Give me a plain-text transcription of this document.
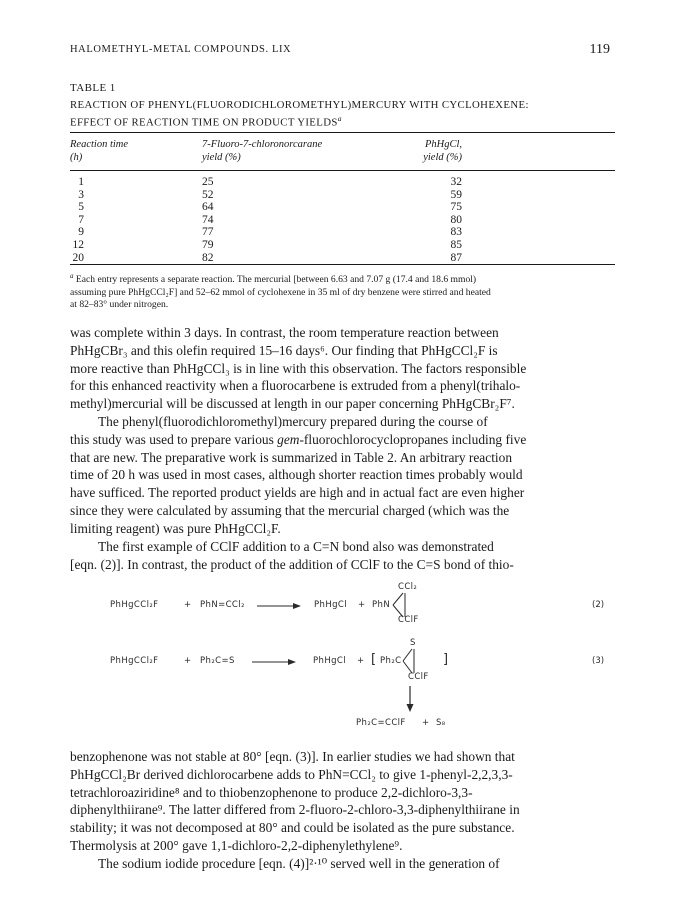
HALOMETHYL-METAL COMPOUNDS. LIX	119
TABLE 1
REACTION OF PHENYL(FLUORODICHLOROMETHYL)MERCURY WITH CYCLOHEXENE:
EFFECT OF REACTION TIME ON PRODUCT YIELDS$^a$
Reaction time
(h)
7-Fluoro-7-chloronorcarane
yield (%)
PhHgCl,
yield (%)
1	25	32
3	52	59
5	64	75
7	74	80
9	77	83
12	79	85
20	82	87
$^a$ Each entry represents a separate reaction. The mercurial [between 6.63 and 7.07 g (17.4 and 18.6 mmol)
assuming pure PhHgCCl₂F] and 52–62 mmol of cyclohexene in 35 ml of dry benzene were stirred and heated
at 82–83° under nitrogen.
was complete within 3 days. In contrast, the room temperature reaction between
PhHgCBr₃ and this olefin required 15–16 days⁶. Our finding that PhHgCCl₂F is
more reactive than PhHgCCl₃ is in line with this observation. The factors responsible
for this enhanced reactivity when a fluorocarbene is extruded from a phenyl(trihalo-
methyl)mercurial will be discussed at length in our paper concerning PhHgCBr₂F⁷.
The phenyl(fluorodichloromethyl)mercury prepared during the course of
this study was used to prepare various gem-fluorochlorocyclopropanes including five
that are new. The preparative work is summarized in Table 2. An arbitrary reaction
time of 20 h was used in most cases, although shorter reaction times probably would
have sufficed. The reported product yields are high and in actual fact are even higher
since they were calculated by assuming that the mercurial charged (which was the
limiting reagent) was pure PhHgCCl₂F.
The first example of CClF addition to a C=N bond also was demonstrated
[eqn. (2)]. In contrast, the product of the addition of CClF to the C=S bond of thio-
PhHgCCl₂F	+ PhN=CCl₂	PhHgCl + PhN
CCl₂
CClF
(2)
PhHgCCl₂F	+ Ph₂C=S	PhHgCl + [ Ph₂C
S
CClF
]	(3)
Ph₂C=CClF + S₈
benzophenone was not stable at 80° [eqn. (3)]. In earlier studies we had shown that
PhHgCCl₂Br derived dichlorocarbene adds to PhN=CCl₂ to give 1-phenyl-2,2,3,3-
tetrachloroaziridine⁸ and to thiobenzophenone to produce 2,2-dichloro-3,3-
diphenylthiirane⁹. The latter differed from 2-fluoro-2-chloro-3,3-diphenylthiirane in
stability; it was not decomposed at 80° and could be isolated as the pure substance.
Thermolysis at 200° gave 1,1-dichloro-2,2-diphenylethylene⁹.
The sodium iodide procedure [eqn. (4)]²·¹⁰ served well in the generation of
